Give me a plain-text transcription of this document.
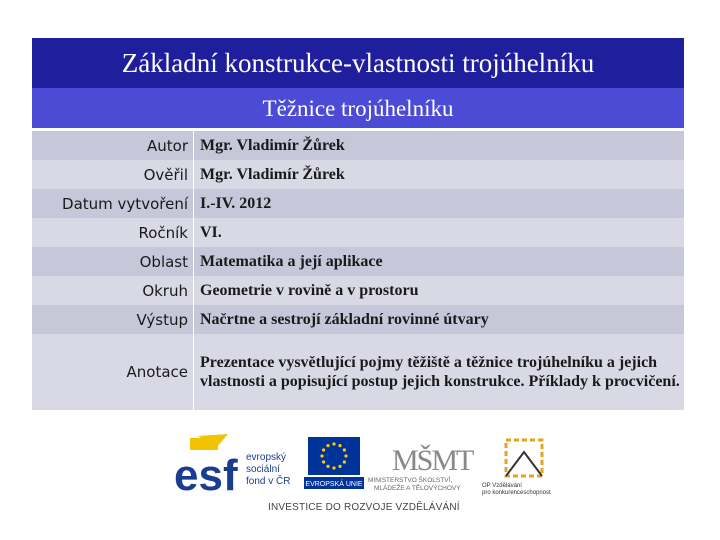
Základní konstrukce-vlastnosti trojúhelníku
Těžnice trojúhelníku
Autor	Mgr. Vladimír Žůrek
Ověřil	Mgr. Vladimír Žůrek
Datum vytvoření	I.-IV. 2012
Ročník	VI.
Oblast	Matematika a její aplikace
Okruh	Geometrie v rovině a v prostoru
Výstup	Načrtne a sestrojí základní rovinné útvary
Anotace	Prezentace vysvětlující pojmy těžiště a těžnice trojúhelníku a jejich vlastnosti a popisující postup jejich konstrukce. Příklady k procvičení.
esf evropský
sociální
fond v ČR EVROPSKÁ UNIE
MŠMT
MINISTERSTVO ŠKOLSTVÍ,
MLÁDEŽE A TĚLOVÝCHOVY	OP Vzdělávání
pro konkurenceschopnost
INVESTICE DO ROZVOJE VZDĚLÁVÁNÍ
